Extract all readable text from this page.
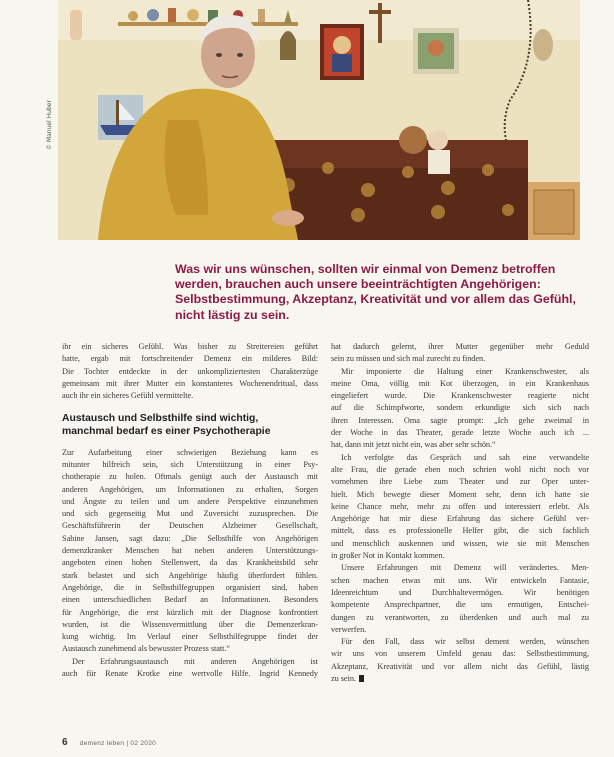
© Manuel Huber
Was wir uns wünschen, sollten wir einmal von Demenz betroffen
werden, brauchen auch unsere beeinträchtigten Angehörigen:
Selbstbestimmung, Akzeptanz, Kreativität und vor allem das Gefühl,
nicht lästig zu sein.
ihr ein sicheres Gefühl. Was bisher zu Streitereien geführt
hatte, ergab mit fortschreitender Demenz ein milderes Bild:
Die Tochter entdeckte in der unkompliziertesten Charakterzüge
gemeinsam mit ihrer Mutter ein konstanteres Wochenendritual, dass
auch ihr ein sicheres Gefühl vermittelte.
Austausch und Selbsthilfe sind wichtig,
manchmal bedarf es einer Psychotherapie
Zur Aufarbeitung einer schwierigen Beziehung kann es
mitunter hilfreich sein, sich Unterstützung in einer Psy-
chotherapie zu holen. Oftmals genügt auch der Austausch mit
anderen Angehörigen, um Informationen zu erhalten, Sorgen
und Ängste zu teilen und um andere Perspektive einzunehmen
und sich gegenseitig Mut und Zuversicht zuzusprechen. Die
Geschäftsführerin der Deutschen Alzheimer Gesellschaft,
Sabine Jansen, sagt dazu: „Die Selbsthilfe von Angehörigen
demenzkranker Menschen hat neben anderen Unterstützungs-
angeboten einen hohen Stellenwert, da das Krankheitsbild sehr
stark belastet und sich Angehörige häufig überfordert fühlen.
Angehörige, die in Selbsthilfegruppen organisiert sind, haben
einen unterschiedlichen Bedarf an Informationen. Besonders
für Angehörige, die erst kürzlich mit der Diagnose konfrontiert
wurden, ist die Wissensvermittlung über die Demenzerkran-
kung wichtig. Im Verlauf einer Selbsthilfegruppe findet der
Austausch zunehmend als bewusster Prozess statt.“
Der Erfahrungsaustausch mit anderen Angehörigen ist
auch für Renate Krotke eine wertvolle Hilfe. Ingrid Kennedy
hat dadurch gelernt, ihrer Mutter gegenüber mehr Geduld
sein zu müssen und sich mal zurecht zu finden.
Mir imponierte die Haltung einer Krankenschwester, als
meine Oma, völlig mit Kot überzogen, in ein Krankenhaus
eingeliefert wurde. Die Krankenschwester reagierte nicht
auf die Schimpfworte, sondern erkundigte sich sich nach
ihren Interessen. Oma sagte prompt: „Ich gehe zweimal in
der Woche in das Theater, gerade letzte Woche auch ich ...
hat, dann mit jetzt nicht ein, was aber sehr schön.“
Ich verfolgte das Gespräch und sah eine verwandelte
alte Frau, die gerade eben noch schrien wohl nicht noch vor
vornehmen ihre Liebe zum Theater und zur Oper unter-
hielt. Mich bewegte dieser Moment sehr, denn ich hatte sie
keine Chance mehr, mehr zu offen und interessiert erlebt. Als
Angehörige hat mir diese Erfahrung das sichere Gefühl ver-
mittelt, dass es professionelle Helfer gibt, die sich fachlich
und menschlich auskennen und wissen, wie sie mit Menschen
in großer Not in Kontakt kommen.
Unsere Erfahrungen mit Demenz will verändertes. Men-
schen machen etwas mit uns. Wir entwickeln Fantasie,
Ideenreichtum und Durchhaltevermögen. Wir benötigen
kompetente Ansprechpartner, die uns ermutigen, Entschei-
dungen zu verantworten, zu überdenken und auch mal zu
verwerfen.
Für den Fall, dass wir selbst dement werden, wünschen
wir uns von unserem Umfeld genau das: Selbstbestimmung,
Akzeptanz, Kreativität und vor allem nicht das Gefühl, lästig
zu sein.
6 demenz leben | 02 2020
